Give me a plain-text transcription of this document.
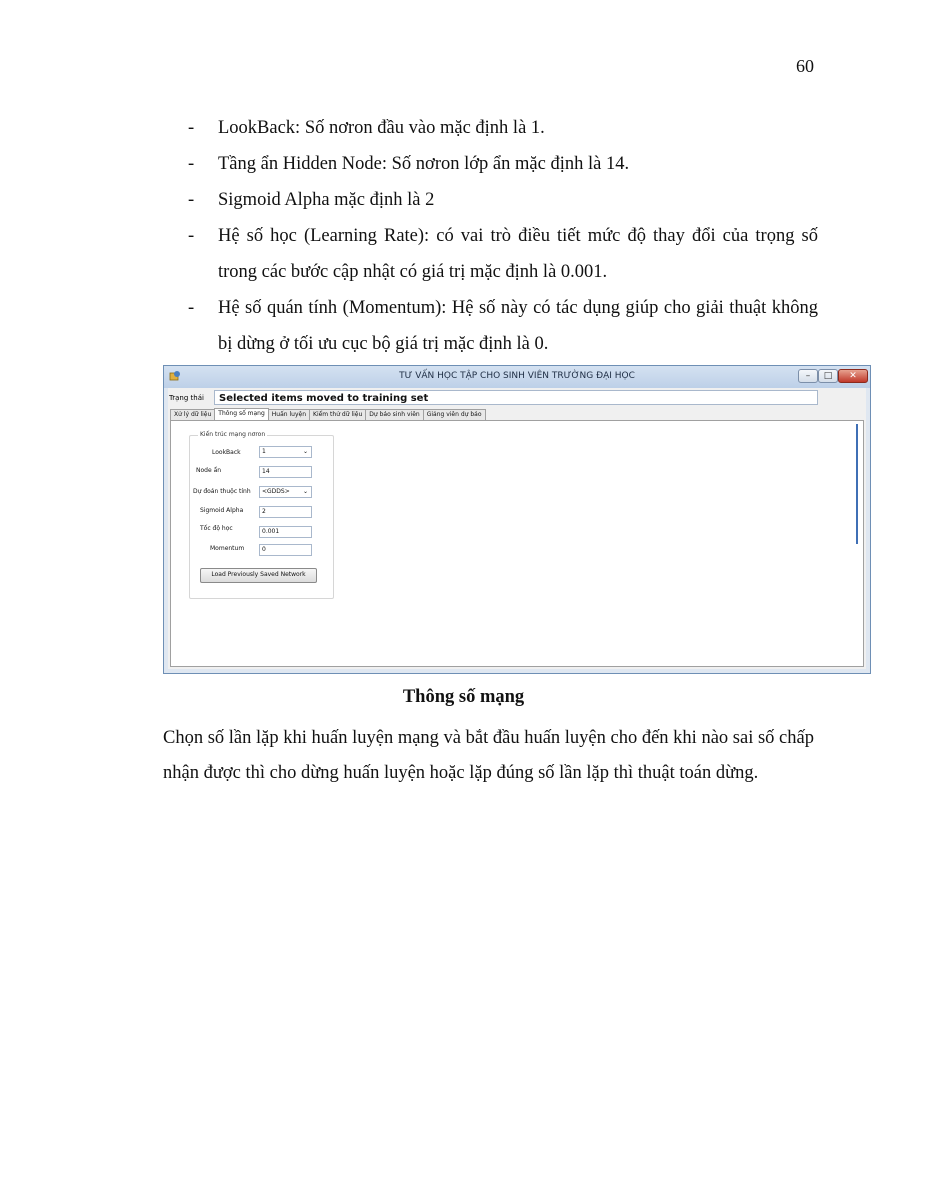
60
- LookBack: Số nơron đầu vào mặc định là 1.
- Tầng ẩn Hidden Node: Số nơron lớp ẩn mặc định là 14.
- Sigmoid Alpha mặc định là 2
- Hệ số học (Learning Rate): có vai trò điều tiết mức độ thay đổi của trọng số trong các bước cập nhật có giá trị mặc định là 0.001.
- Hệ số quán tính (Momentum): Hệ số này có tác dụng giúp cho giải thuật không bị dừng ở tối ưu cục bộ giá trị mặc định là 0.
TƯ VẤN HỌC TẬP CHO SINH VIÊN TRƯỜNG ĐẠI HỌC	–	□	✕
Trạng thái	Selected items moved to training set
Xử lý dữ liệu	Thông số mạng	Huấn luyện	Kiểm thử dữ liệu	Dự báo sinh viên	Giảng viên dự báo
Kiến trúc mạng nơron
LookBack	1	⌄
Node ẩn	14
Dự đoán thuộc tính	<GDDS> ⌄
Sigmoid Alpha	2
Tốc độ học	0.001
Momentum	0
Load Previously Saved Network
Thông số mạng
Chọn số lần lặp khi huấn luyện mạng và bắt đầu huấn luyện cho đến khi nào sai số chấp nhận được thì cho dừng huấn luyện hoặc lặp đúng số lần lặp thì thuật toán dừng.
